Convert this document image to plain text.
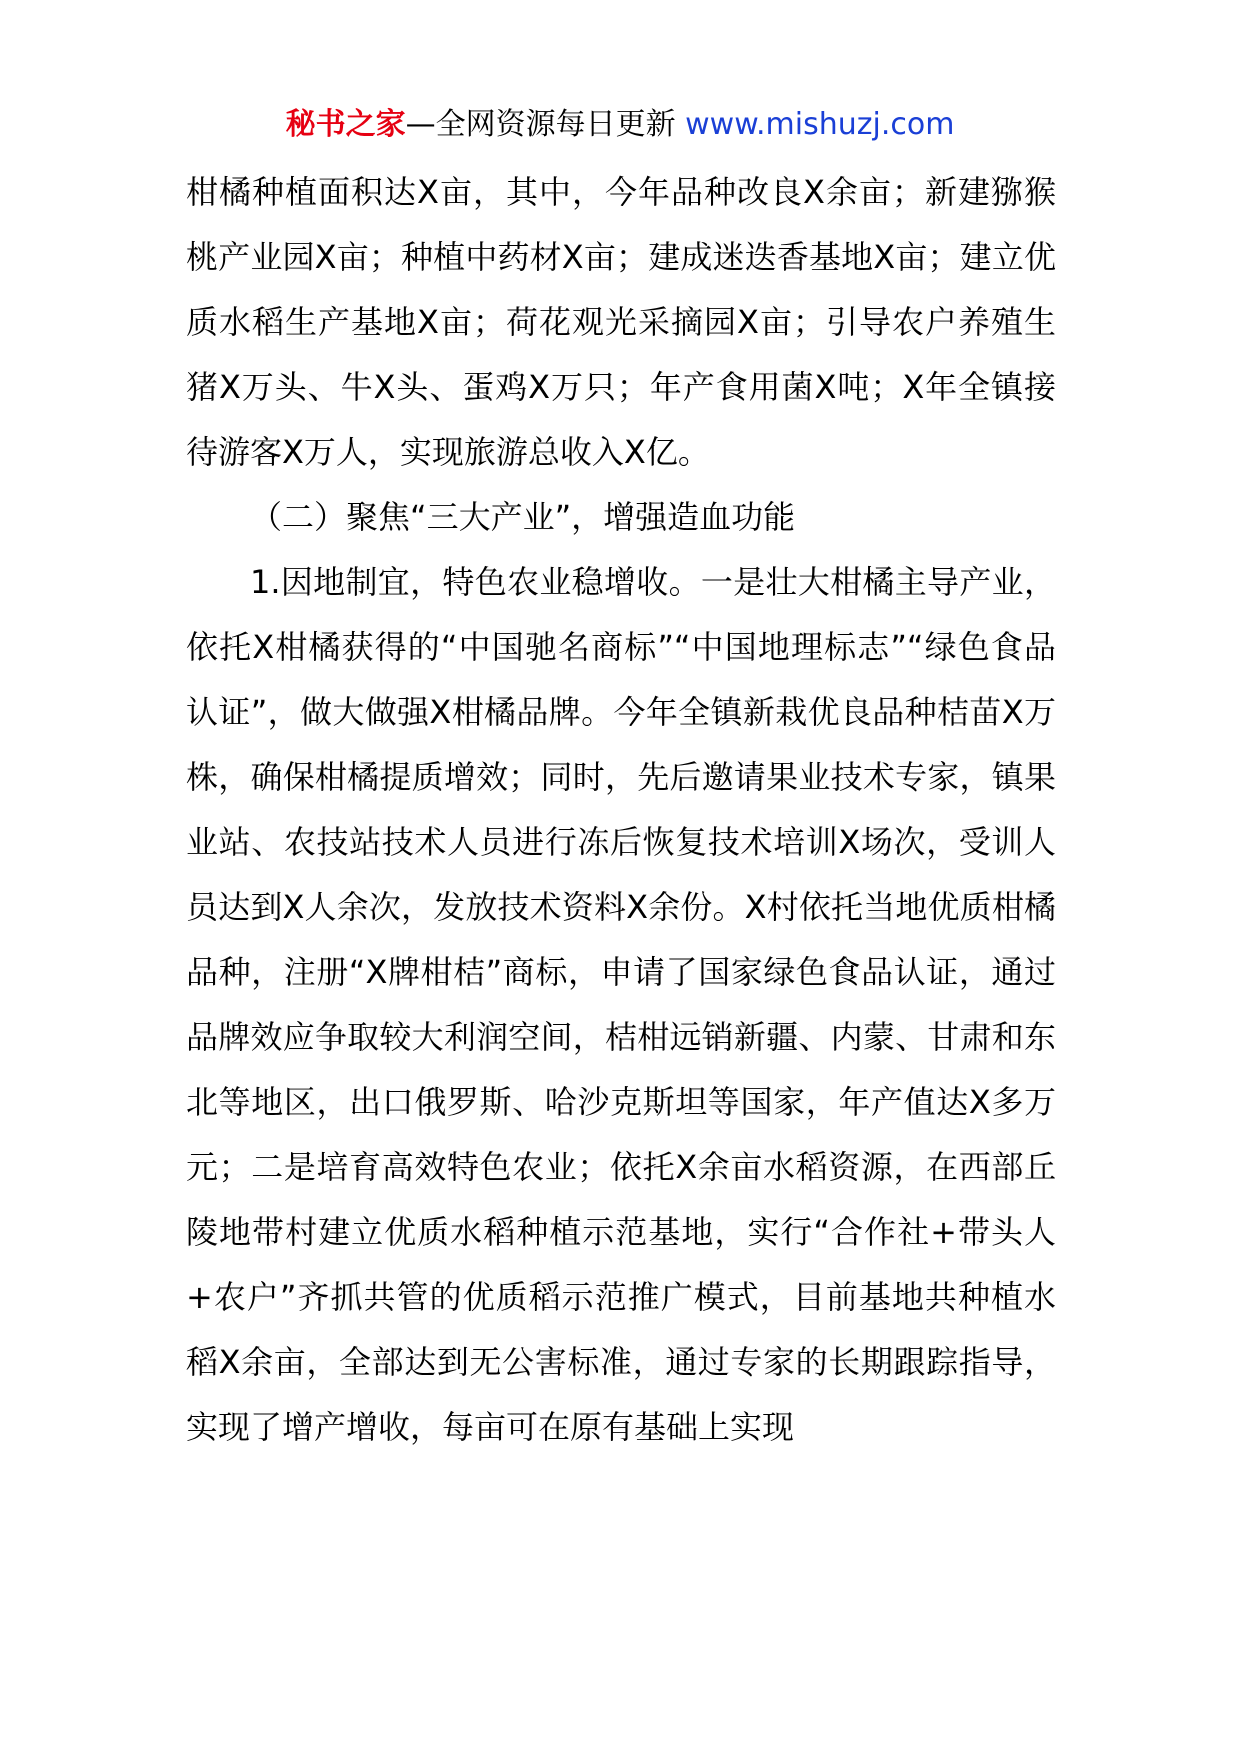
秘书之家—全网资源每日更新 www.mishuzj.com

柑橘种植面积达X亩，其中，今年品种改良X余亩；新建猕猴桃产业园X亩；种植中药材X亩；建成迷迭香基地X亩；建立优质水稻生产基地X亩；荷花观光采摘园X亩；引导农户养殖生猪X万头、牛X头、蛋鸡X万只；年产食用菌X吨；X年全镇接待游客X万人，实现旅游总收入X亿。

（二）聚焦“三大产业”，增强造血功能

1.因地制宜，特色农业稳增收。一是壮大柑橘主导产业，依托X柑橘获得的“中国驰名商标”“中国地理标志”“绿色食品认证”，做大做强X柑橘品牌。今年全镇新栽优良品种桔苗X万株，确保柑橘提质增效；同时，先后邀请果业技术专家，镇果业站、农技站技术人员进行冻后恢复技术培训X场次，受训人员达到X人余次，发放技术资料X余份。X村依托当地优质柑橘品种，注册“X牌柑桔”商标，申请了国家绿色食品认证，通过品牌效应争取较大利润空间，桔柑远销新疆、内蒙、甘肃和东北等地区，出口俄罗斯、哈沙克斯坦等国家，年产值达X多万元；二是培育高效特色农业；依托X余亩水稻资源，在西部丘陵地带村建立优质水稻种植示范基地，实行“合作社+带头人+农户”齐抓共管的优质稻示范推广模式，目前基地共种植水稻X余亩，全部达到无公害标准，通过专家的长期跟踪指导，实现了增产增收，每亩可在原有基础上实现
